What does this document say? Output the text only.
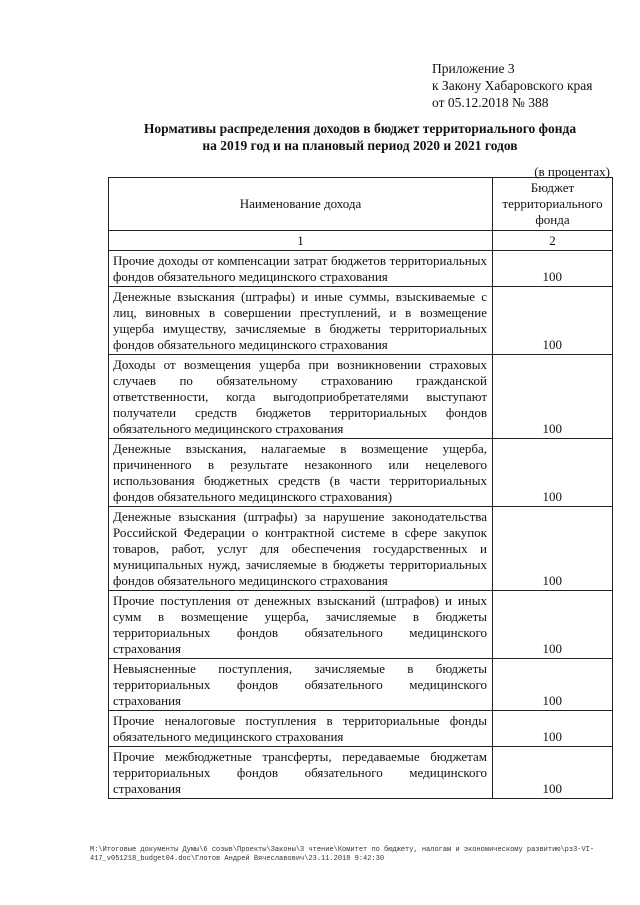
Приложение 3
к Закону Хабаровского края
от 05.12.2018 № 388
Нормативы распределения доходов в бюджет территориального фонда
на 2019 год и на плановый период 2020 и 2021 годов
(в процентах)
Наименование дохода	Бюджет территориального фонда
1	2
Прочие доходы от компенсации затрат бюджетов территориальных фондов обязательного медицинского страхования	100
Денежные взыскания (штрафы) и иные суммы, взыскиваемые с лиц, виновных в совершении преступлений, и в возмещение ущерба имуществу, зачисляемые в бюджеты территориальных фондов обязательного медицинского страхования	100
Доходы от возмещения ущерба при возникновении страховых случаев по обязательному страхованию гражданской ответственности, когда выгодоприобретателями выступают получатели средств бюджетов территориальных фондов обязательного медицинского страхования	100
Денежные взыскания, налагаемые в возмещение ущерба, причиненного в результате незаконного или нецелевого использования бюджетных средств (в части территориальных фондов обязательного медицинского страхования)	100
Денежные взыскания (штрафы) за нарушение законодательства Российской Федерации о контрактной системе в сфере закупок товаров, работ, услуг для обеспечения государственных и муниципальных нужд, зачисляемые в бюджеты территориальных фондов обязательного медицинского страхования	100
Прочие поступления от денежных взысканий (штрафов) и иных сумм в возмещение ущерба, зачисляемые в бюджеты территориальных фондов обязательного медицинского страхования	100
Невыясненные поступления, зачисляемые в бюджеты территориальных фондов обязательного медицинского страхования	100
Прочие неналоговые поступления в территориальные фонды обязательного медицинского страхования	100
Прочие межбюджетные трансферты, передаваемые бюджетам территориальных фондов обязательного медицинского страхования	100
M:\Итоговые документы Думы\6 созыв\Проекты\Законы\3 чтение\Комитет по бюджету, налогам и экономическому развитию\рз3-VI-417_v051218_budget04.doc\Глотов Андрей Вячеславович\23.11.2018 9:42:30
